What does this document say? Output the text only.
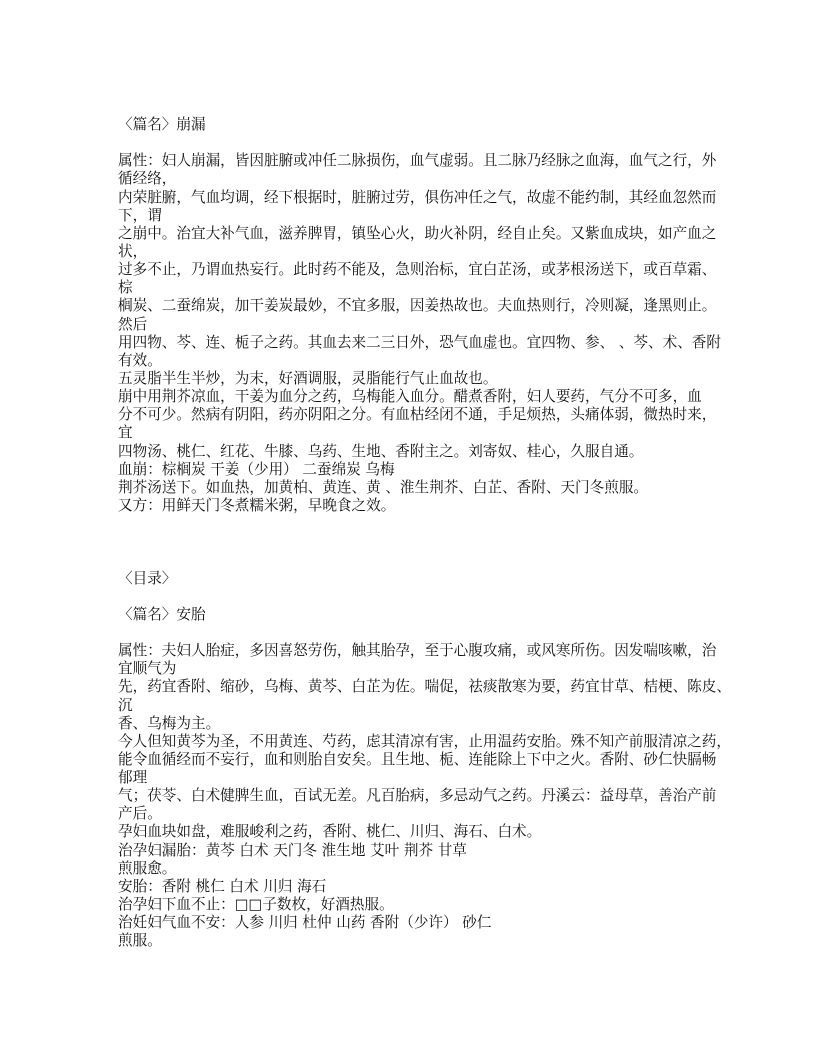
〈篇名〉崩漏
属性：妇人崩漏，皆因脏腑或冲任二脉损伤，血气虚弱。且二脉乃经脉之血海，血气之行，外
循经络，
内荣脏腑，气血均调，经下根据时，脏腑过劳，俱伤冲任之气，故虚不能约制，其经血忽然而
下，谓
之崩中。治宜大补气血，滋养脾胃，镇坠心火，助火补阴，经自止矣。又紫血成块，如产血之
状，
过多不止，乃谓血热妄行。此时药不能及，急则治标，宜白芷汤，或茅根汤送下，或百草霜、
棕
榈炭、二蚕绵炭，加干姜炭最妙，不宜多服，因姜热故也。夫血热则行，冷则凝，逢黑则止。
然后
用四物、芩、连、栀子之药。其血去来二三日外，恐气血虚也。宜四物、参、 、芩、术、香附
有效。
五灵脂半生半炒，为末，好酒调服，灵脂能行气止血故也。
崩中用荆芥凉血，干姜为血分之药，乌梅能入血分。醋煮香附，妇人要药，气分不可多，血
分不可少。然病有阴阳，药亦阴阳之分。有血枯经闭不通，手足烦热，头痛体弱，微热时来，
宜
四物汤、桃仁、红花、牛膝、乌药、生地、香附主之。刘寄奴、桂心，久服自通。
血崩：棕榈炭 干姜（少用） 二蚕绵炭 乌梅
荆芥汤送下。如血热，加黄柏、黄连、黄 、淮生荆芥、白芷、香附、天门冬煎服。
又方：用鲜天门冬煮糯米粥，早晚食之效。
〈目录〉
〈篇名〉安胎
属性：夫妇人胎症，多因喜怒劳伤，触其胎孕，至于心腹攻痛，或风寒所伤。因发喘咳嗽，治
宜顺气为
先，药宜香附、缩砂，乌梅、黄芩、白芷为佐。喘促，祛痰散寒为要，药宜甘草、桔梗、陈皮、
沉
香、乌梅为主。
今人但知黄芩为圣，不用黄连、芍药，虑其清凉有害，止用温药安胎。殊不知产前服清凉之药，
能令血循经而不妄行，血和则胎自安矣。且生地、栀、连能除上下中之火。香附、砂仁快膈畅
郁理
气；茯苓、白术健脾生血，百试无差。凡百胎病，多忌动气之药。丹溪云：益母草，善治产前
产后。
孕妇血块如盘，难服峻利之药，香附、桃仁、川归、海石、白术。
治孕妇漏胎：黄芩 白术 天门冬 淮生地 艾叶 荆芥 甘草
煎服愈。
安胎：香附 桃仁 白术 川归 海石
治孕妇下血不止：□□子数枚，好酒热服。
治妊妇气血不安：人参 川归 杜仲 山药 香附（少许） 砂仁
煎服。
